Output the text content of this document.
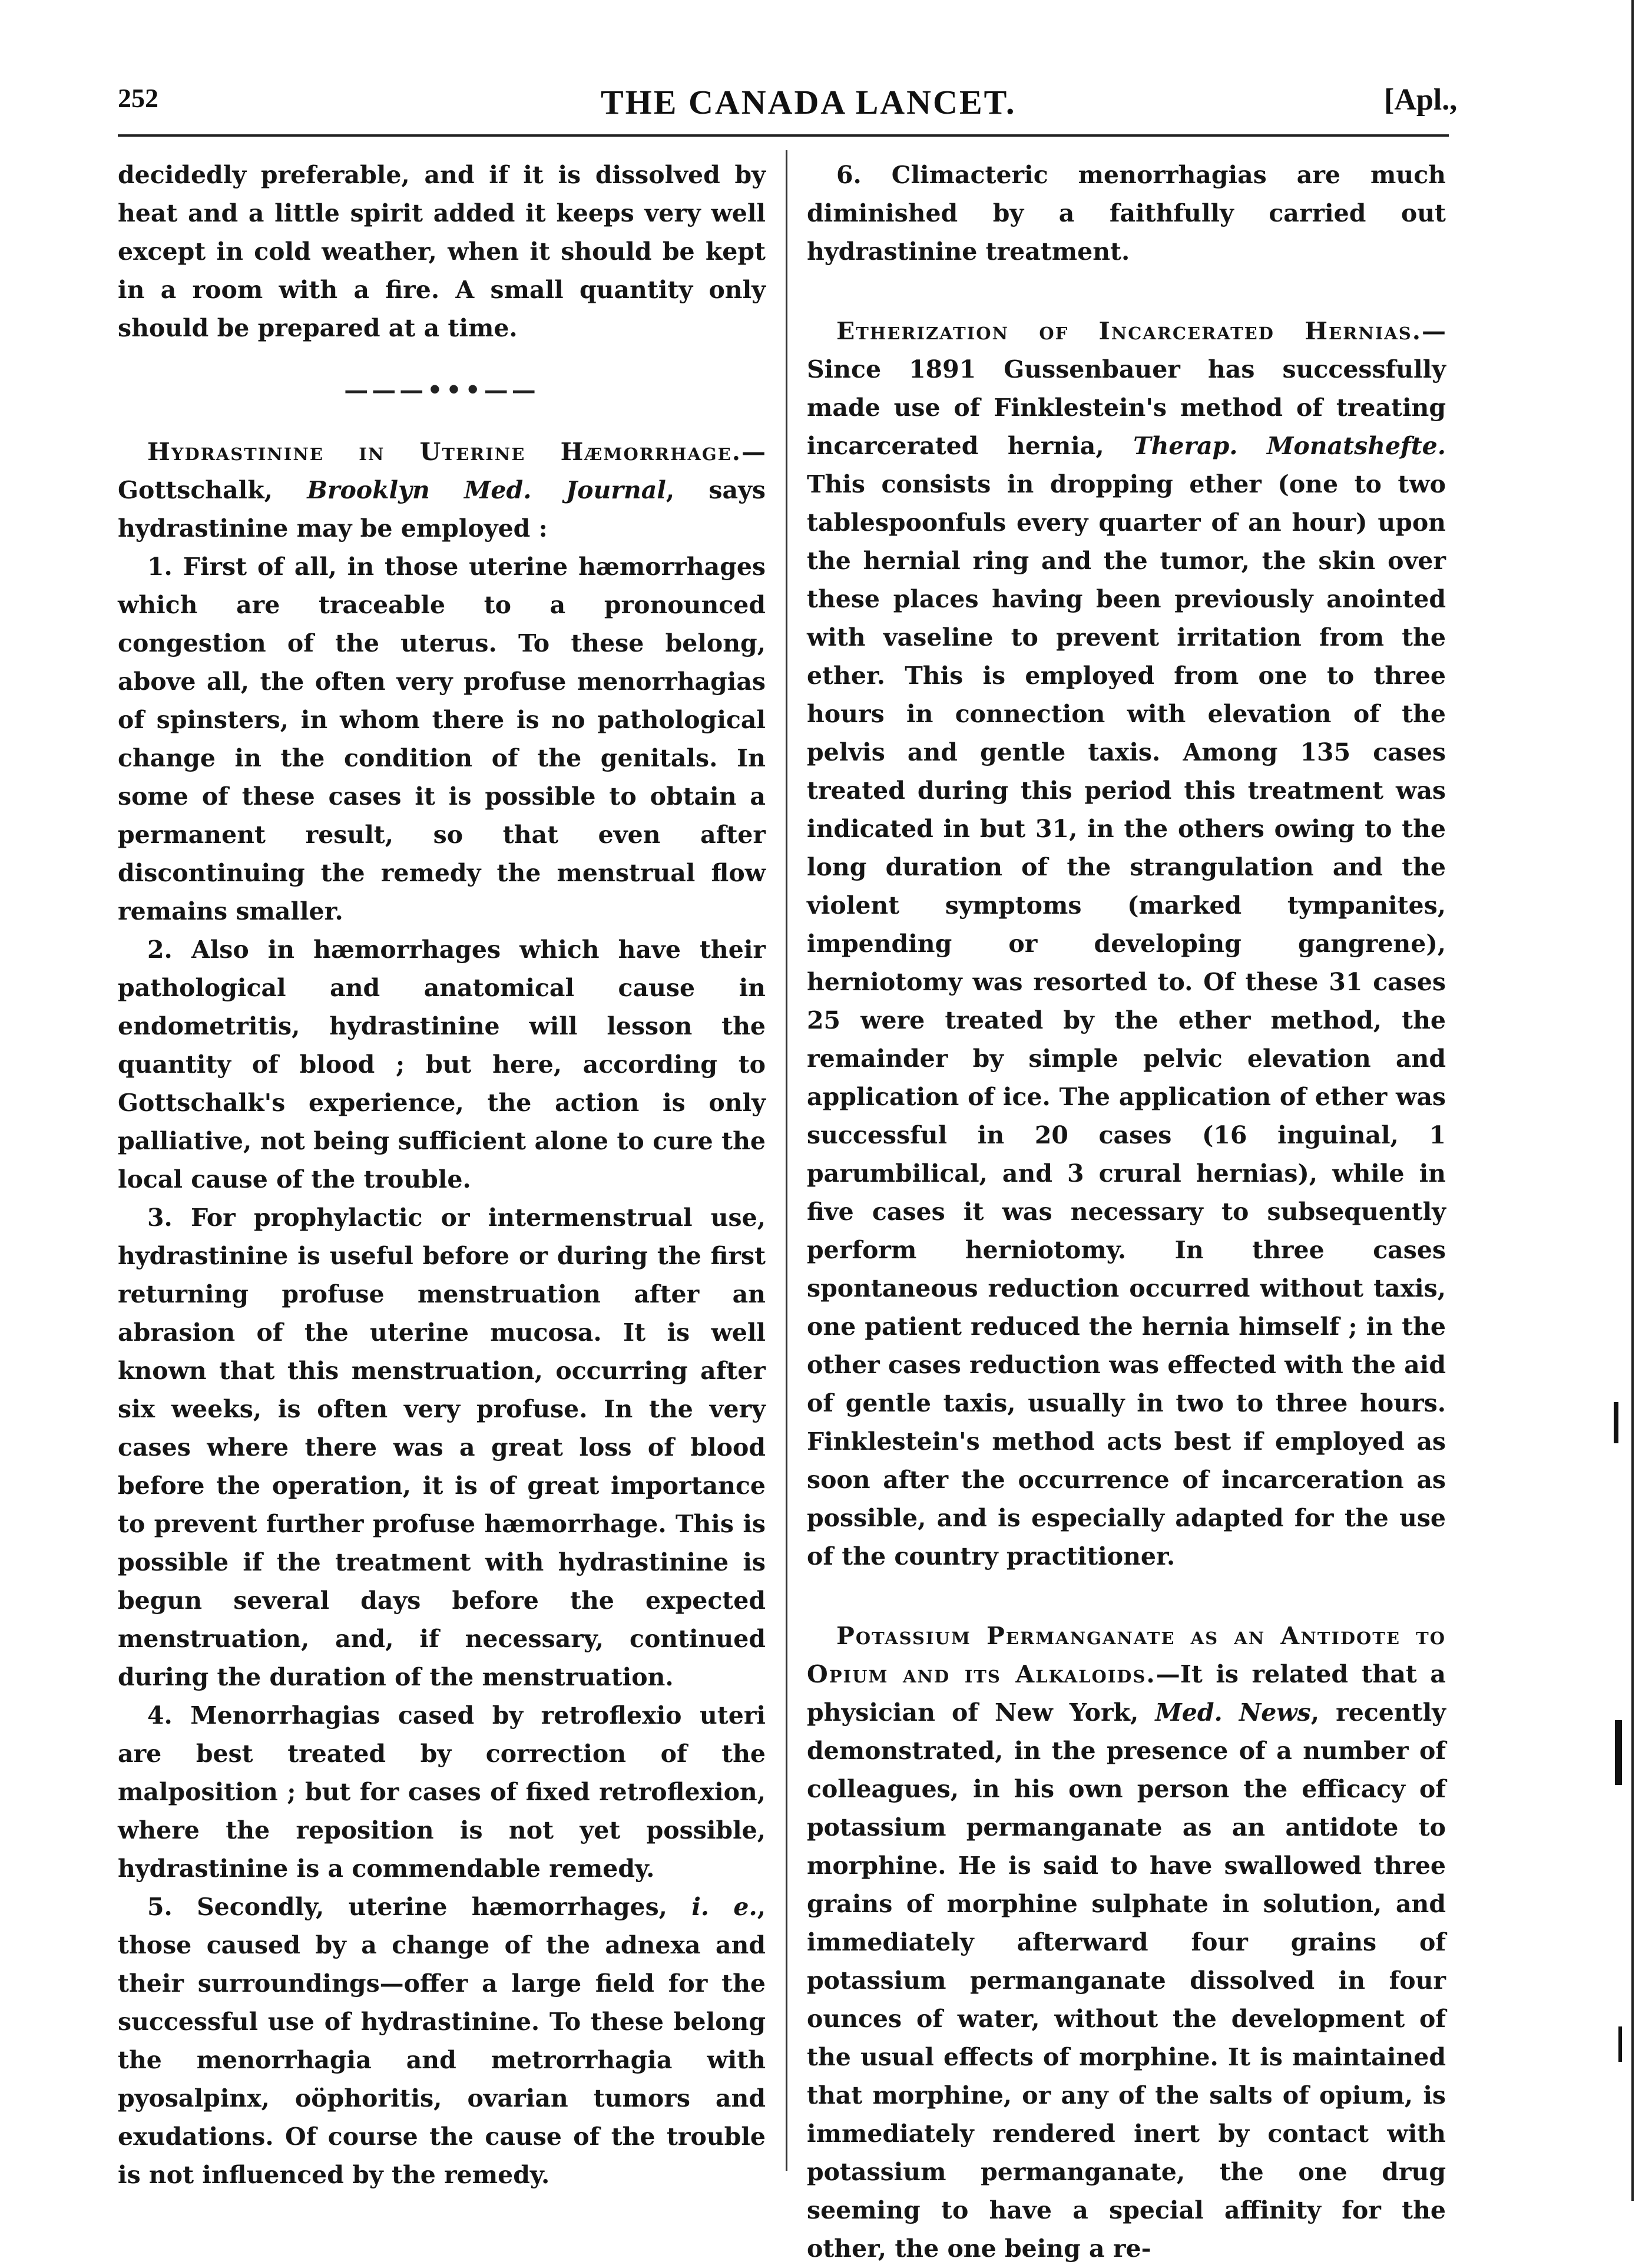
252	THE CANADA LANCET.	[Apl.,

decidedly preferable, and if it is dissolved by heat and a little spirit added it keeps very well except in cold weather, when it should be kept in a room with a fire. A small quantity only should be prepared at a time.

———•••——

Hydrastinine in Uterine Hæmorrhage.— Gottschalk, Brooklyn Med. Journal, says hydrastinine may be employed :

1. First of all, in those uterine hæmorrhages which are traceable to a pronounced congestion of the uterus. To these belong, above all, the often very profuse menorrhagias of spinsters, in whom there is no pathological change in the condition of the genitals. In some of these cases it is possible to obtain a permanent result, so that even after discontinuing the remedy the menstrual flow remains smaller.

2. Also in hæmorrhages which have their pathological and anatomical cause in endometritis, hydrastinine will lesson the quantity of blood ; but here, according to Gottschalk's experience, the action is only palliative, not being sufficient alone to cure the local cause of the trouble.

3. For prophylactic or intermenstrual use, hydrastinine is useful before or during the first returning profuse menstruation after an abrasion of the uterine mucosa. It is well known that this menstruation, occurring after six weeks, is often very profuse. In the very cases where there was a great loss of blood before the operation, it is of great importance to prevent further profuse hæmorrhage. This is possible if the treatment with hydrastinine is begun several days before the expected menstruation, and, if necessary, continued during the duration of the menstruation.

4. Menorrhagias cased by retroflexio uteri are best treated by correction of the malposition ; but for cases of fixed retroflexion, where the reposition is not yet possible, hydrastinine is a commendable remedy.

5. Secondly, uterine hæmorrhages, i. e., those caused by a change of the adnexa and their surroundings—offer a large field for the successful use of hydrastinine. To these belong the menorrhagia and metrorrhagia with pyosalpinx, oöphoritis, ovarian tumors and exudations. Of course the cause of the trouble is not influenced by the remedy.

6. Climacteric menorrhagias are much diminished by a faithfully carried out hydrastinine treatment.

Etherization of Incarcerated Hernias.— Since 1891 Gussenbauer has successfully made use of Finklestein's method of treating incarcerated hernia, Therap. Monatshefte. This consists in dropping ether (one to two tablespoonfuls every quarter of an hour) upon the hernial ring and the tumor, the skin over these places having been previously anointed with vaseline to prevent irritation from the ether. This is employed from one to three hours in connection with elevation of the pelvis and gentle taxis. Among 135 cases treated during this period this treatment was indicated in but 31, in the others owing to the long duration of the strangulation and the violent symptoms (marked tympanites, impending or developing gangrene), herniotomy was resorted to. Of these 31 cases 25 were treated by the ether method, the remainder by simple pelvic elevation and application of ice. The application of ether was successful in 20 cases (16 inguinal, 1 parumbilical, and 3 crural hernias), while in five cases it was necessary to subsequently perform herniotomy. In three cases spontaneous reduction occurred without taxis, one patient reduced the hernia himself ; in the other cases reduction was effected with the aid of gentle taxis, usually in two to three hours. Finklestein's method acts best if employed as soon after the occurrence of incarceration as possible, and is especially adapted for the use of the country practitioner.

Potassium Permanganate as an Antidote to Opium and its Alkaloids.—It is related that a physician of New York, Med. News, recently demonstrated, in the presence of a number of colleagues, in his own person the efficacy of potassium permanganate as an antidote to morphine. He is said to have swallowed three grains of morphine sulphate in solution, and immediately afterward four grains of potassium permanganate dissolved in four ounces of water, without the development of the usual effects of morphine. It is maintained that morphine, or any of the salts of opium, is immediately rendered inert by contact with potassium permanganate, the one drug seeming to have a special affinity for the other, the one being a re-
